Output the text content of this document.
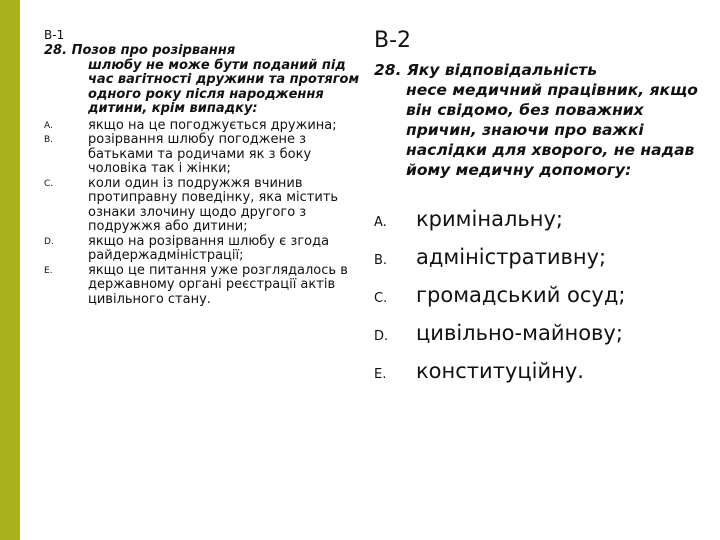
В-1
28. Позов про розірвання
шлюбу не може бути поданий під час вагітності дружини та протягом одного року після народження дитини, крім випадку:
A.	якщо на це погоджується дружина;
B.	розірвання шлюбу погоджене з батьками та родичами як з боку чоловіка так і жінки;
C.	коли один із подружжя вчинив протиправну поведінку, яка містить ознаки злочину щодо другого з подружжя або дитини;
D.	якщо на розірвання шлюбу є згода райдержадміністрації;
E.	якщо це питання уже розглядалось в державному органі реєстрації актів цивільного стану.
В-2
28. Яку відповідальність
несе медичний працівник, якщо він свідомо, без поважних причин, знаючи про важкі наслідки для хворого, не надав йому медичну допомогу:
A.	кримінальну;
B.	адміністративну;
C.	громадський осуд;
D.	цивільно-майнову;
E.	конституційну.
